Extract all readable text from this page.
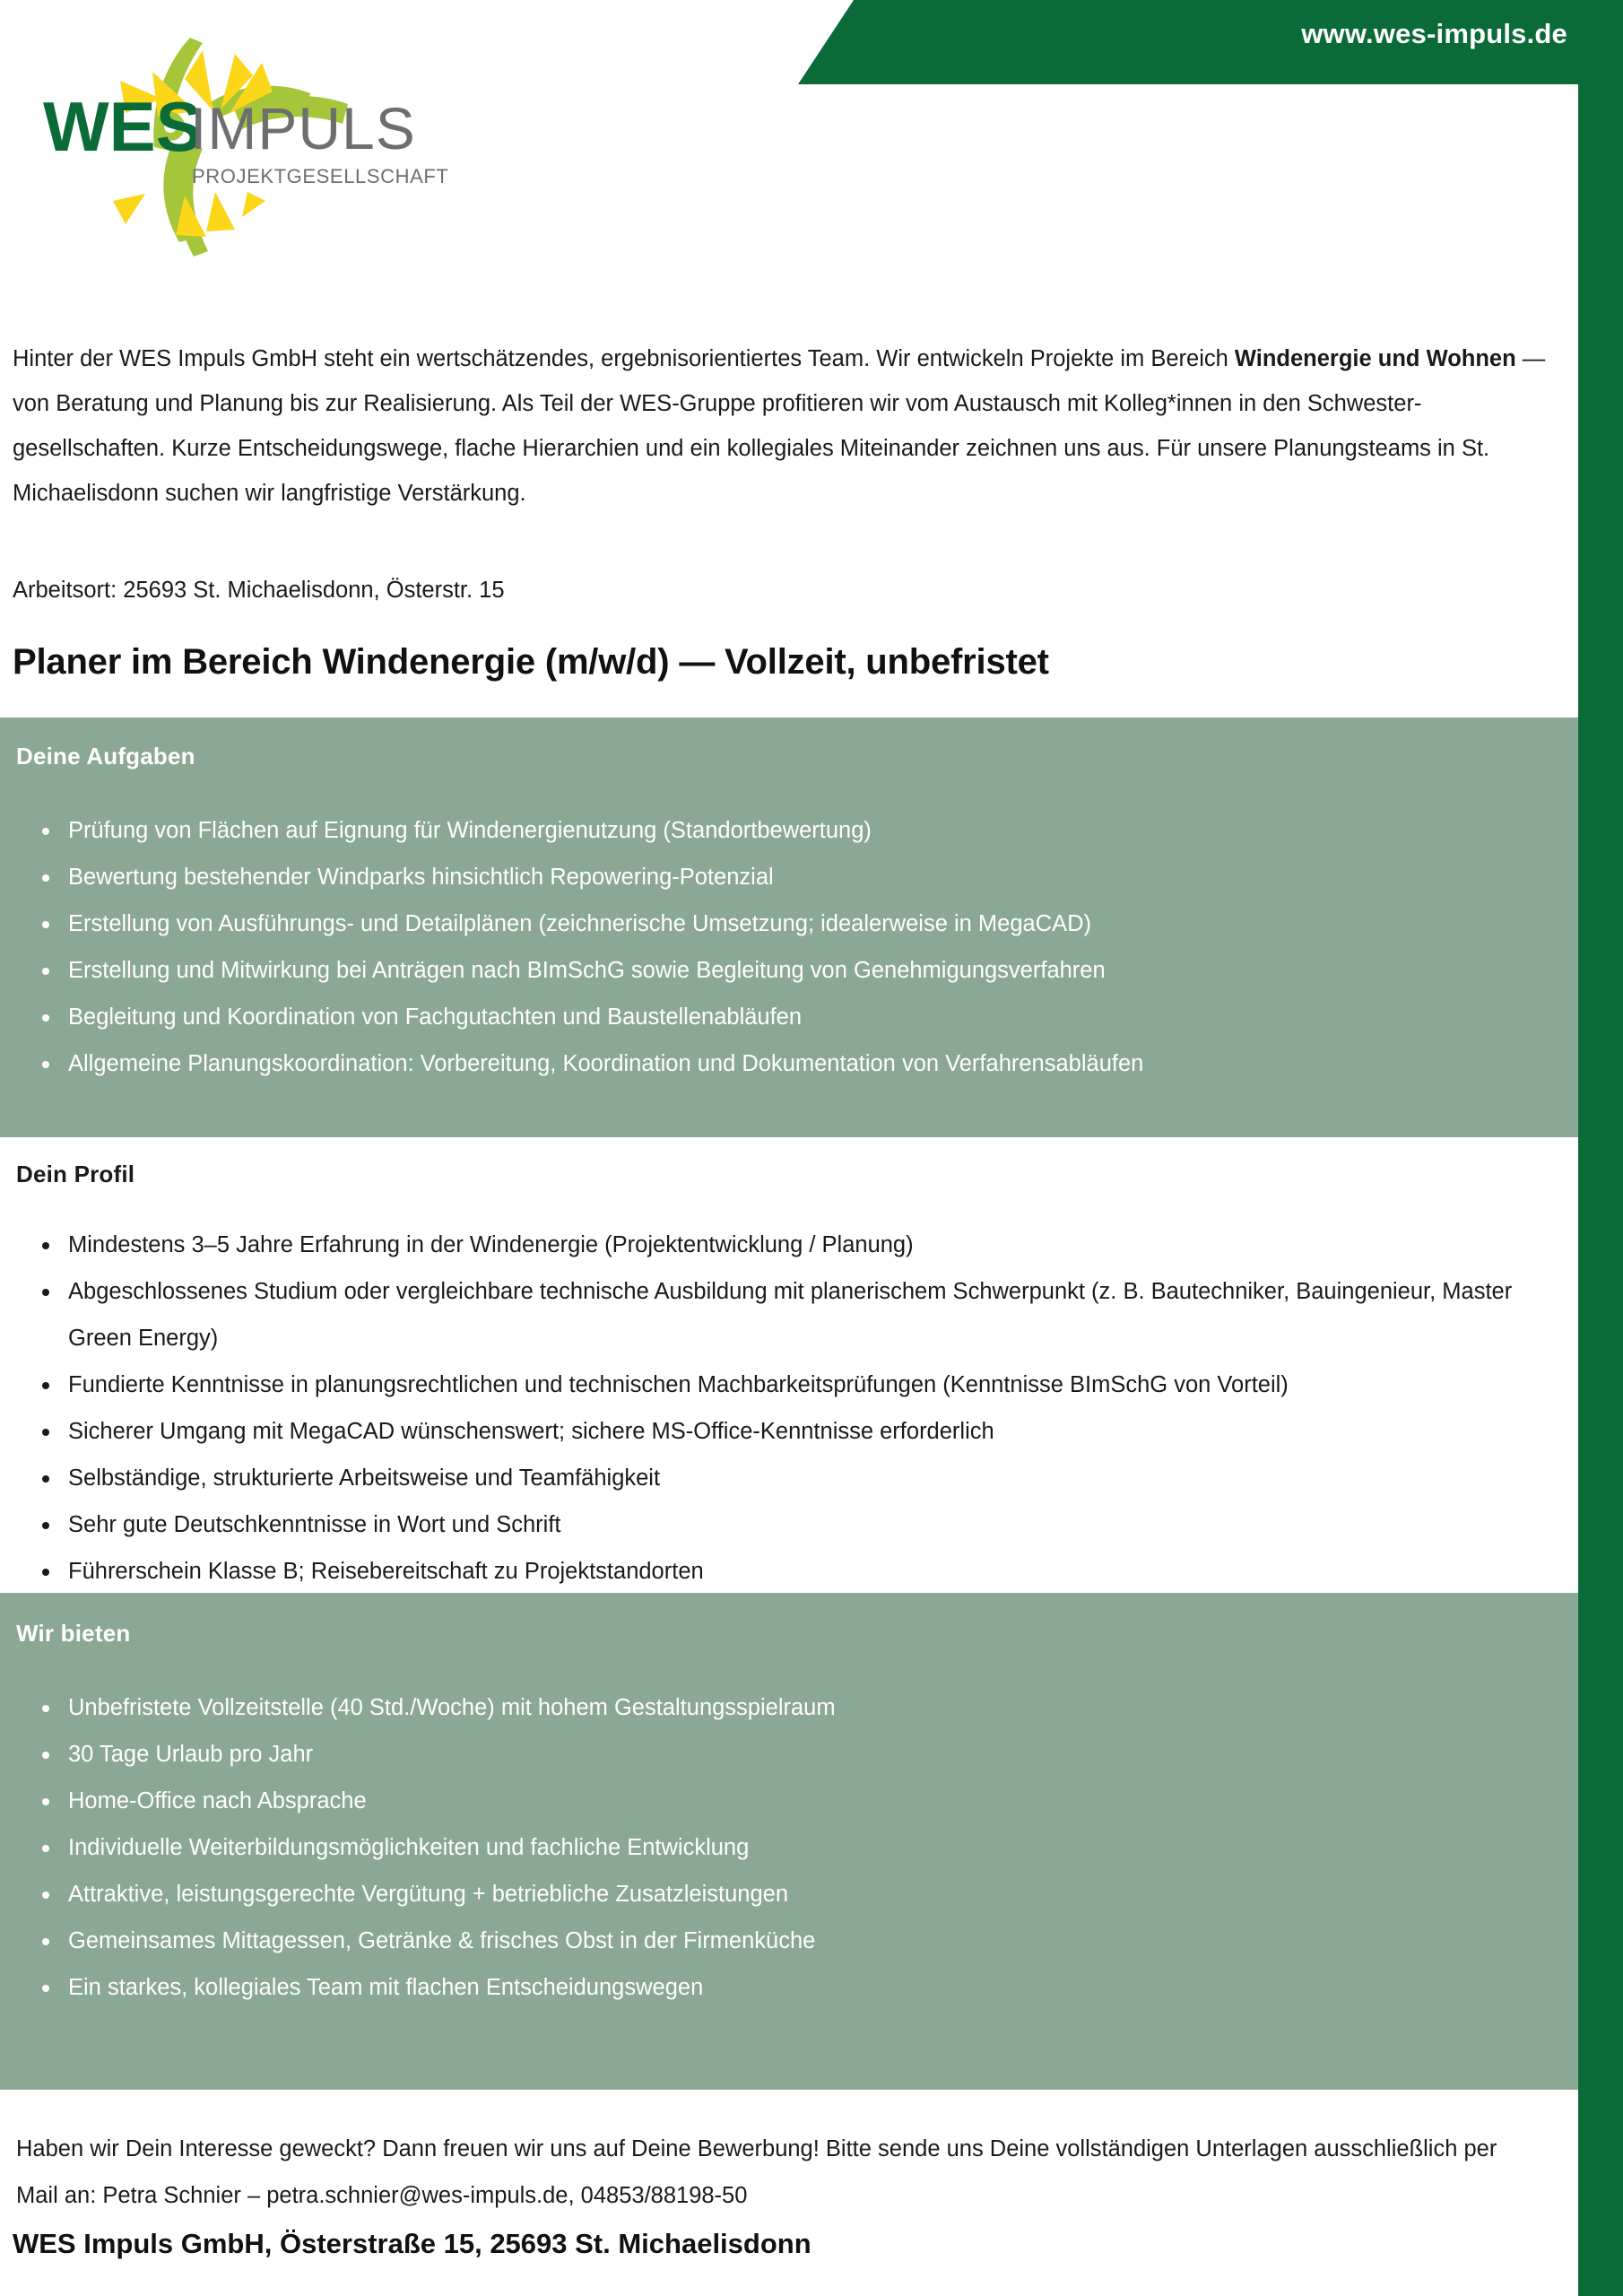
www.wes-impuls.de
WES
IMPULS
PROJEKTGESELLSCHAFT

Hinter der WES Impuls GmbH steht ein wertschätzendes, ergebnisorientiertes Team. Wir entwickeln Projekte im Bereich Windenergie und Wohnen — von Beratung und Planung bis zur Realisierung. Als Teil der WES-Gruppe profitieren wir vom Austausch mit Kolleg*innen in den Schwester-gesellschaften. Kurze Entscheidungswege, flache Hierarchien und ein kollegiales Miteinander zeichnen uns aus. Für unsere Planungsteams in St. Michaelisdonn suchen wir langfristige Verstärkung.

Arbeitsort: 25693 St. Michaelisdonn, Österstr. 15
Planer im Bereich Windenergie (m/w/d) — Vollzeit, unbefristet
Deine Aufgaben
Prüfung von Flächen auf Eignung für Windenergienutzung (Standortbewertung)
Bewertung bestehender Windparks hinsichtlich Repowering-Potenzial
Erstellung von Ausführungs- und Detailplänen (zeichnerische Umsetzung; idealerweise in MegaCAD)
Erstellung und Mitwirkung bei Anträgen nach BImSchG sowie Begleitung von Genehmigungsverfahren
Begleitung und Koordination von Fachgutachten und Baustellenabläufen
Allgemeine Planungskoordination: Vorbereitung, Koordination und Dokumentation von Verfahrensabläufen
Dein Profil
Mindestens 3–5 Jahre Erfahrung in der Windenergie (Projektentwicklung / Planung)
Abgeschlossenes Studium oder vergleichbare technische Ausbildung mit planerischem Schwerpunkt (z. B. Bautechniker, Bauingenieur, Master Green Energy)
Fundierte Kenntnisse in planungsrechtlichen und technischen Machbarkeitsprüfungen (Kenntnisse BImSchG von Vorteil)
Sicherer Umgang mit MegaCAD wünschenswert; sichere MS-Office-Kenntnisse erforderlich
Selbständige, strukturierte Arbeitsweise und Teamfähigkeit
Sehr gute Deutschkenntnisse in Wort und Schrift
Führerschein Klasse B; Reisebereitschaft zu Projektstandorten
Wir bieten
Unbefristete Vollzeitstelle (40 Std./Woche) mit hohem Gestaltungsspielraum
30 Tage Urlaub pro Jahr
Home-Office nach Absprache
Individuelle Weiterbildungsmöglichkeiten und fachliche Entwicklung
Attraktive, leistungsgerechte Vergütung + betriebliche Zusatzleistungen
Gemeinsames Mittagessen, Getränke & frisches Obst in der Firmenküche
Ein starkes, kollegiales Team mit flachen Entscheidungswegen

Haben wir Dein Interesse geweckt? Dann freuen wir uns auf Deine Bewerbung! Bitte sende uns Deine vollständigen Unterlagen ausschließlich per Mail an: Petra Schnier – petra.schnier@wes-impuls.de, 04853/88198-50

WES Impuls GmbH, Österstraße 15, 25693 St. Michaelisdonn
